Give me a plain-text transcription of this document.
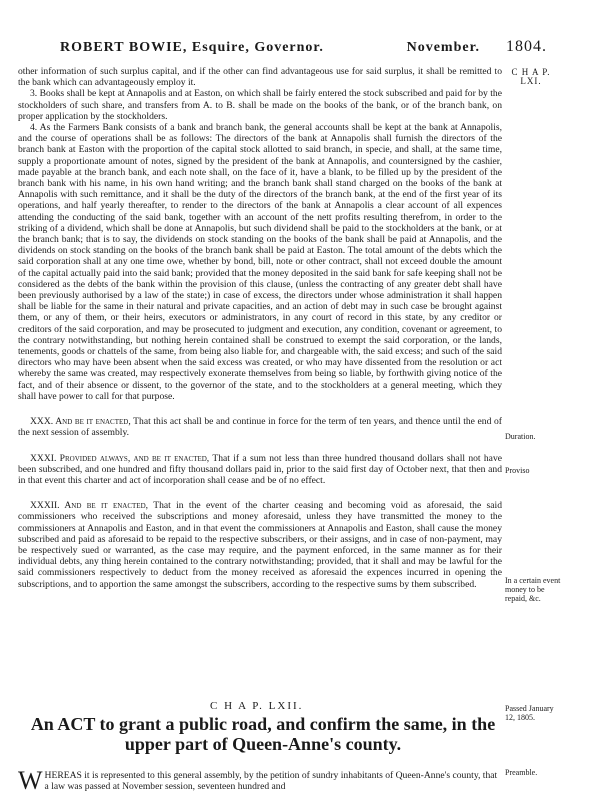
ROBERT BOWIE, Esquire, Governor.	November. 1804.
C H A P. LXI.

other information of such surplus capital, and if the other can find advantageous use for said surplus, it shall be remitted to the bank which can advantageously employ it.

3. Books shall be kept at Annapolis and at Easton, on which shall be fairly entered the stock subscribed and paid for by the stockholders of such share, and transfers from A. to B. shall be made on the books of the bank, or of the branch bank, on proper application by the stockholders.

4. As the Farmers Bank consists of a bank and branch bank, the general accounts shall be kept at the bank at Annapolis, and the course of operations shall be as follows: The directors of the bank at Annapolis shall furnish the directors of the branch bank at Easton with the proportion of the capital stock allotted to said branch, in specie, and shall, at the same time, supply a proportionate amount of notes, signed by the president of the bank at Annapolis, and countersigned by the cashier, made payable at the branch bank, and each note shall, on the face of it, have a blank, to be filled up by the president of the branch bank with his name, in his own hand writing; and the branch bank shall stand charged on the books of the bank at Annapolis with such remittance, and it shall be the duty of the directors of the branch bank, at the end of the first year of its operations, and half yearly thereafter, to render to the directors of the bank at Annapolis a clear account of all expences attending the conducting of the said bank, together with an account of the nett profits resulting therefrom, in order to the striking of a dividend, which shall be done at Annapolis, but such dividend shall be paid to the stockholders at the bank, or at the branch bank; that is to say, the dividends on stock standing on the books of the bank shall be paid at Annapolis, and the dividends on stock standing on the books of the branch bank shall be paid at Easton. The total amount of the debts which the said corporation shall at any one time owe, whether by bond, bill, note or other contract, shall not exceed double the amount of the capital actually paid into the said bank; provided that the money deposited in the said bank for safe keeping shall not be considered as the debts of the bank within the provision of this clause, (unless the contracting of any greater debt shall have been previously authorised by a law of the state;) in case of excess, the directors under whose administration it shall happen shall be liable for the same in their natural and private capacities, and an action of debt may in such case be brought against them, or any of them, or their heirs, executors or administrators, in any court of record in this state, by any creditor or creditors of the said corporation, and may be prosecuted to judgment and execution, any condition, covenant or agreement, to the contrary notwithstanding, but nothing herein contained shall be construed to exempt the said corporation, or the lands, tenements, goods or chattels of the same, from being also liable for, and chargeable with, the said excess; and such of the said directors who may have been absent when the said excess was created, or who may have dissented from the resolution or act whereby the same was created, may respectively exonerate themselves from being so liable, by forthwith giving notice of the fact, and of their absence or dissent, to the governor of the state, and to the stockholders at a general meeting, which they shall have power to call for that purpose.

XXX. And be it enacted, That this act shall be and continue in force for the term of ten years, and thence until the end of the next session of assembly.

XXXI. Provided always, and be it enacted, That if a sum not less than three hundred thousand dollars shall not have been subscribed, and one hundred and fifty thousand dollars paid in, prior to the said first day of October next, that then and in that event this charter and act of incorporation shall cease and be of no effect.

XXXII. And be it enacted, That in the event of the charter ceasing and becoming void as aforesaid, the said commissioners who received the subscriptions and money aforesaid, unless they have transmitted the money to the commissioners at Annapolis and Easton, and in that event the commissioners at Annapolis and Easton, shall cause the money subscribed and paid as aforesaid to be repaid to the respective subscribers, or their assigns, and in case of non-payment, may be respectively sued or warranted, as the case may require, and the payment enforced, in the same manner as for their individual debts, any thing herein contained to the contrary notwithstanding; provided, that it shall and may be lawful for the said commissioners respectively to deduct from the money received as aforesaid the expences incurred in opening the subscriptions, and to apportion the same amongst the subscribers, according to the respective sums by them subscribed.

Duration.
Proviso
In a certain event money to be repaid, &c.
Passed January 12, 1805.
Preamble.
C H A P. LXII.
An ACT to grant a public road, and confirm the same, in the upper part of Queen-Anne's county.
WHEREAS it is represented to this general assembly, by the petition of sundry inhabitants of Queen-Anne's county, that a law was passed at November session, seventeen hundred and
